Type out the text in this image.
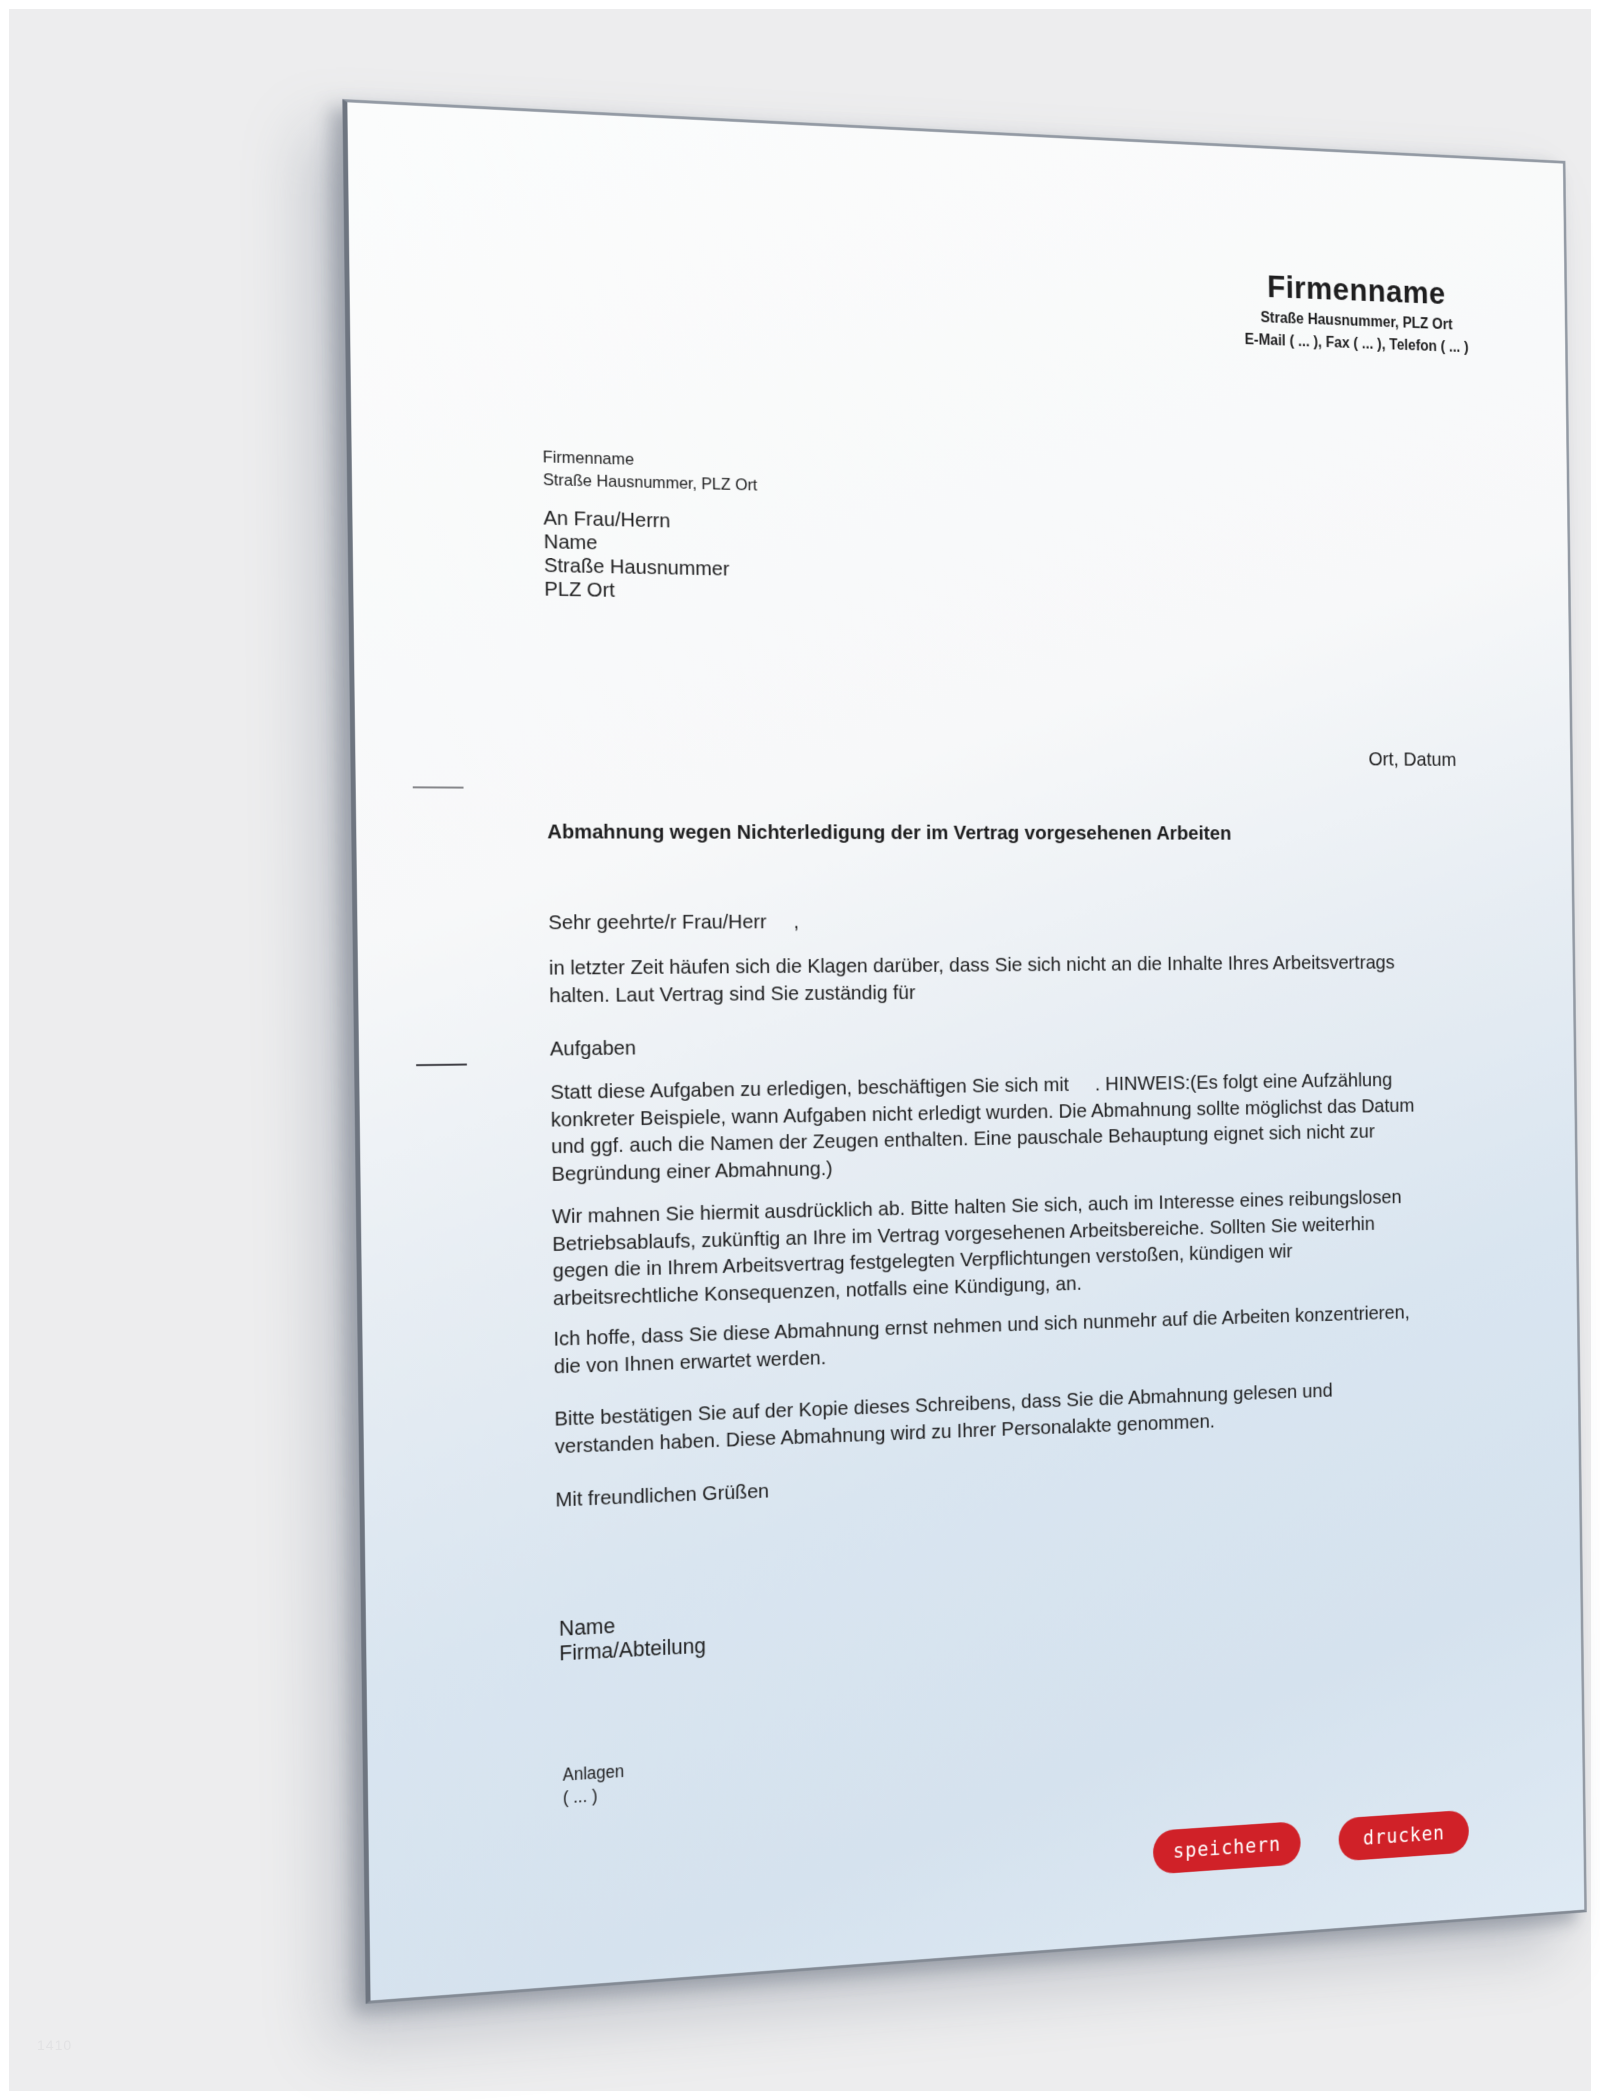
Firmenname
Straße Hausnummer, PLZ Ort
E-Mail ( ... ), Fax ( ... ), Telefon ( ... )
Firmenname
Straße Hausnummer, PLZ Ort
An Frau/Herrn
Name
Straße Hausnummer
PLZ Ort
Ort, Datum
Abmahnung wegen Nichterledigung der im Vertrag vorgesehenen Arbeiten
Sehr geehrte/r Frau/Herr     ,
in letzter Zeit häufen sich die Klagen darüber, dass Sie sich nicht an die Inhalte Ihres Arbeitsvertrags
halten. Laut Vertrag sind Sie zuständig für
Aufgaben
Statt diese Aufgaben zu erledigen, beschäftigen Sie sich mit     . HINWEIS:(Es folgt eine Aufzählung
konkreter Beispiele, wann Aufgaben nicht erledigt wurden. Die Abmahnung sollte möglichst das Datum
und ggf. auch die Namen der Zeugen enthalten. Eine pauschale Behauptung eignet sich nicht zur
Begründung einer Abmahnung.)
Wir mahnen Sie hiermit ausdrücklich ab. Bitte halten Sie sich, auch im Interesse eines reibungslosen
Betriebsablaufs, zukünftig an Ihre im Vertrag vorgesehenen Arbeitsbereiche. Sollten Sie weiterhin
gegen die in Ihrem Arbeitsvertrag festgelegten Verpflichtungen verstoßen, kündigen wir
arbeitsrechtliche Konsequenzen, notfalls eine Kündigung, an.
Ich hoffe, dass Sie diese Abmahnung ernst nehmen und sich nunmehr auf die Arbeiten konzentrieren,
die von Ihnen erwartet werden.
Bitte bestätigen Sie auf der Kopie dieses Schreibens, dass Sie die Abmahnung gelesen und
verstanden haben. Diese Abmahnung wird zu Ihrer Personalakte genommen.
Mit freundlichen Grüßen
Name
Firma/Abteilung
Anlagen
( ... )
speichern	drucken
1410
